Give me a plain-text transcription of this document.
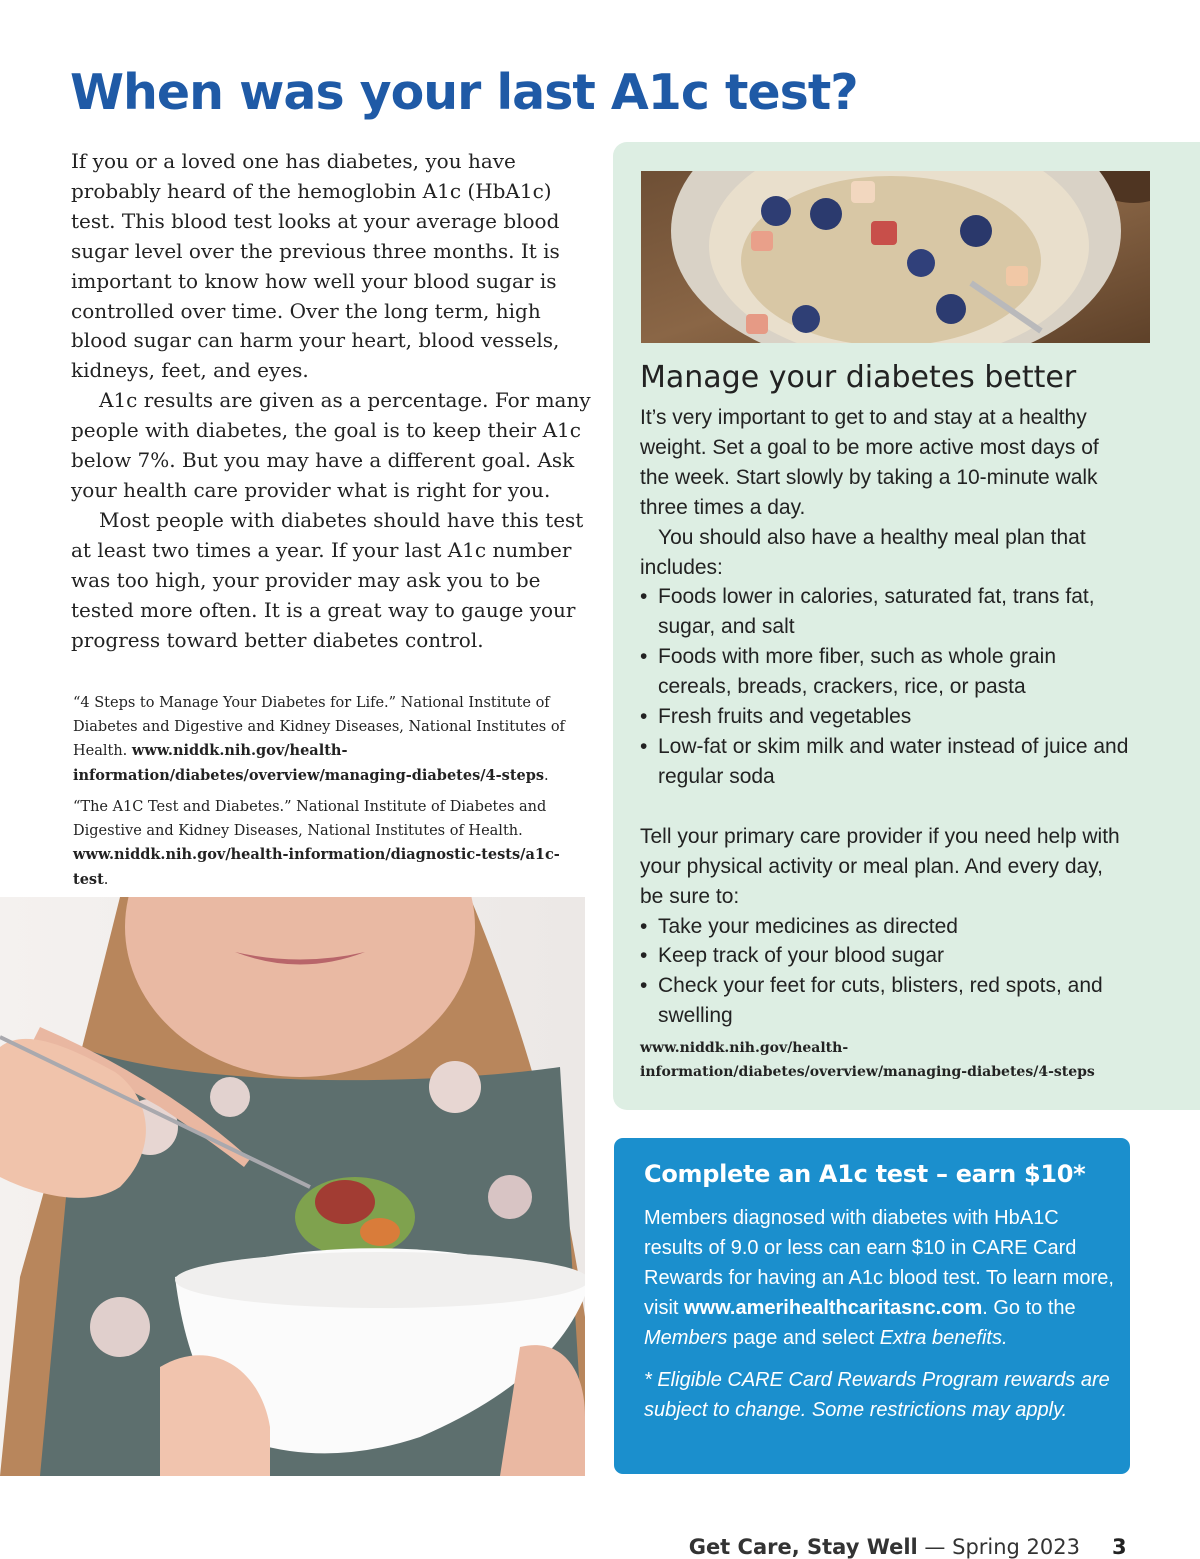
When was your last A1c test?

If you or a loved one has diabetes, you have probably heard of the hemoglobin A1c (HbA1c) test. This blood test looks at your average blood sugar level over the previous three months. It is important to know how well your blood sugar is controlled over time. Over the long term, high blood sugar can harm your heart, blood vessels, kidneys, feet, and eyes.

A1c results are given as a percentage. For many people with diabetes, the goal is to keep their A1c below 7%. But you may have a different goal. Ask your health care provider what is right for you.

Most people with diabetes should have this test at least two times a year. If your last A1c number was too high, your provider may ask you to be tested more often. It is a great way to gauge your progress toward better diabetes control.

“4 Steps to Manage Your Diabetes for Life.” National Institute of Diabetes and Digestive and Kidney Diseases, National Institutes of Health. www.niddk.nih.gov/health-information/diabetes/overview/managing-diabetes/4-steps.

“The A1C Test and Diabetes.” National Institute of Diabetes and Digestive and Kidney Diseases, National Institutes of Health. www.niddk.nih.gov/health-information/diagnostic-tests/a1c-test.

Manage your diabetes better

It’s very important to get to and stay at a healthy weight. Set a goal to be more active most days of the week. Start slowly by taking a 10-minute walk three times a day.

You should also have a healthy meal plan that includes:

• Foods lower in calories, saturated fat, trans fat, sugar, and salt
• Foods with more fiber, such as whole grain cereals, breads, crackers, rice, or pasta
• Fresh fruits and vegetables
• Low-fat or skim milk and water instead of juice and regular soda

Tell your primary care provider if you need help with your physical activity or meal plan. And every day, be sure to:

• Take your medicines as directed
• Keep track of your blood sugar
• Check your feet for cuts, blisters, red spots, and swelling
www.niddk.nih.gov/health-information/diabetes/overview/managing-diabetes/4-steps
Complete an A1c test – earn $10*

Members diagnosed with diabetes with HbA1C results of 9.0 or less can earn $10 in CARE Card Rewards for having an A1c blood test. To learn more, visit www.amerihealthcaritasnc.com. Go to the Members page and select Extra benefits.

* Eligible CARE Card Rewards Program rewards are subject to change. Some restrictions may apply.

Get Care, Stay Well — Spring 2023 3
